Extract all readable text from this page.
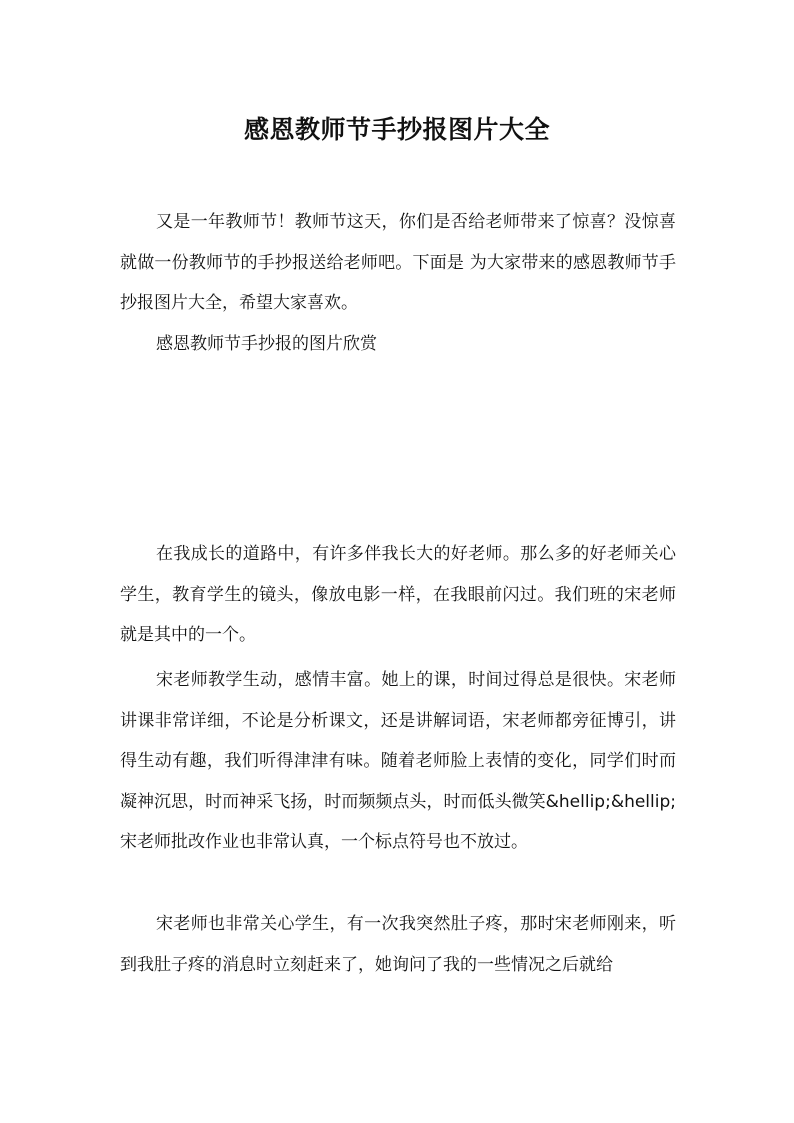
感恩教师节手抄报图片大全

又是一年教师节！教师节这天，你们是否给老师带来了惊喜？没惊喜就做一份教师节的手抄报送给老师吧。下面是 为大家带来的感恩教师节手抄报图片大全，希望大家喜欢。

感恩教师节手抄报的图片欣赏

在我成长的道路中，有许多伴我长大的好老师。那么多的好老师关心学生，教育学生的镜头，像放电影一样，在我眼前闪过。我们班的宋老师就是其中的一个。

宋老师教学生动，感情丰富。她上的课，时间过得总是很快。宋老师讲课非常详细，不论是分析课文，还是讲解词语，宋老师都旁征博引，讲得生动有趣，我们听得津津有味。随着老师脸上表情的变化，同学们时而凝神沉思，时而神采飞扬，时而频频点头，时而低头微笑&hellip;&hellip;宋老师批改作业也非常认真，一个标点符号也不放过。

宋老师也非常关心学生，有一次我突然肚子疼，那时宋老师刚来，听到我肚子疼的消息时立刻赶来了，她询问了我的一些情况之后就给
